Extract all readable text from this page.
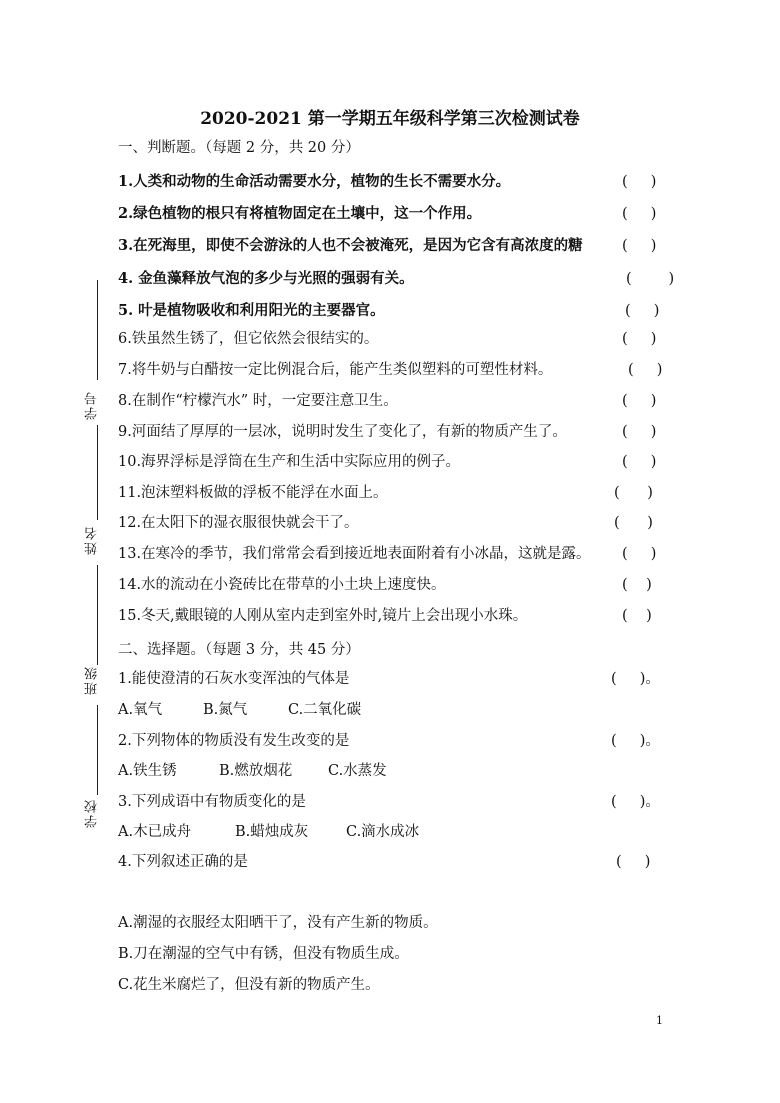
学号
姓名
班级
学校
2020-2021 第一学期五年级科学第三次检测试卷
一、判断题。（每题 2 分，共 20 分）
1.人类和动物的生命活动需要水分，植物的生长不需要水分。	(     )
2.绿色植物的根只有将植物固定在土壤中，这一个作用。	(     )
3.在死海里，即使不会游泳的人也不会被淹死，是因为它含有高浓度的糖	(     )
4. 金鱼藻释放气泡的多少与光照的强弱有关。	(        )
5. 叶是植物吸收和利用阳光的主要器官。	(     )
6.铁虽然生锈了，但它依然会很结实的。	(     )
7.将牛奶与白醋按一定比例混合后，能产生类似塑料的可塑性材料。	(     )
8.在制作“柠檬汽水” 时，一定要注意卫生。	(     )
9.河面结了厚厚的一层冰，说明时发生了变化了，有新的物质产生了。	(     )
10.海界浮标是浮筒在生产和生活中实际应用的例子。	(     )
11.泡沫塑料板做的浮板不能浮在水面上。	(      )
12.在太阳下的湿衣服很快就会干了。	(      )
13.在寒冷的季节，我们常常会看到接近地表面附着有小冰晶，这就是露。 (     )
14.水的流动在小瓷砖比在带草的小土块上速度快。	(    )
15.冬天,戴眼镜的人刚从室内走到室外时,镜片上会出现小水珠。	(    )
二、选择题。（每题 3 分，共 45 分）
1.能使澄清的石灰水变浑浊的气体是	(     )。
A.氧气	B.氮气	C.二氧化碳
2.下列物体的物质没有发生改变的是	(     )。
A.铁生锈	B.燃放烟花 C.水蒸发
3.下列成语中有物质变化的是	(     )。
A.木已成舟	B.蜡烛成灰	C.滴水成冰
4.下列叙述正确的是	(     )
A.潮湿的衣服经太阳晒干了，没有产生新的物质。
B.刀在潮湿的空气中有锈，但没有物质生成。
C.花生米腐烂了，但没有新的物质产生。
1
